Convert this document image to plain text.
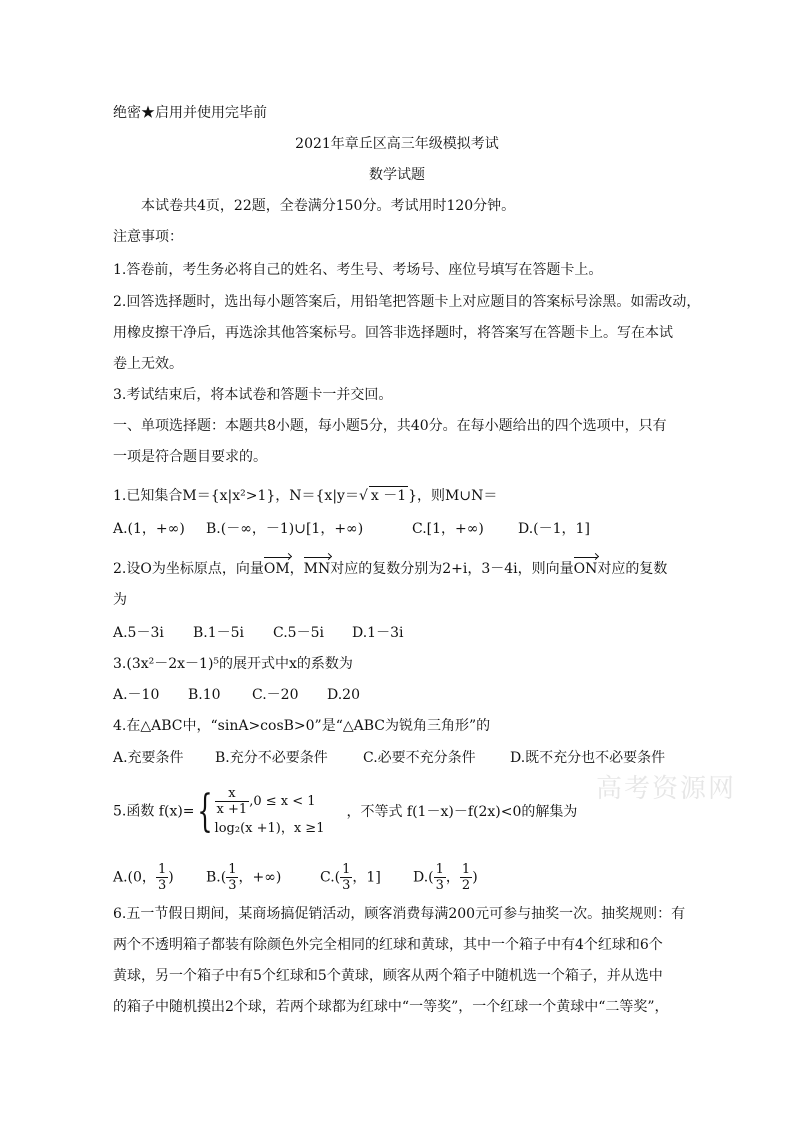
绝密★启用并使用完毕前
2021年章丘区高三年级模拟考试
数学试题
本试卷共4页，22题，全卷满分150分。考试用时120分钟。
注意事项：
1.答卷前，考生务必将自己的姓名、考生号、考场号、座位号填写在答题卡上。
2.回答选择题时，选出每小题答案后，用铅笔把答题卡上对应题目的答案标号涂黑。如需改动，
用橡皮擦干净后，再选涂其他答案标号。回答非选择题时，将答案写在答题卡上。写在本试
卷上无效。
3.考试结束后，将本试卷和答题卡一并交回。
一、单项选择题：本题共8小题，每小题5分，共40分。在每小题给出的四个选项中，只有
一项是符合题目要求的。
1.已知集合M＝{x|x²>1}，N＝{x|y＝√ x －1 }，则M∪N＝
A.(1，+∞) B.(－∞，－1)∪[1，+∞)	C.[1，+∞) D.(－1，1]
2.设O为坐标原点，向量OM，MN对应的复数分别为2+i，3－4i，则向量ON对应的复数
为
A.5－3i B.1－5i C.5－5i D.1－3i
3.(3x²－2x－1)⁵的展开式中x的系数为
A.－10 B.10 C.－20 D.20
4.在△ABC中，“sinA>cosB>0”是“△ABC为锐角三角形”的
A.充要条件 B.充分不必要条件	C.必要不充分条件 D.既不充分也不必要条件
5.函数 $f(x)=\{ \frac{x}{x +1} ,0 \le x < 1$
log₂(x +1)，x ≥1
，不等式 f(1－x)－f(2x)<0的解集为
A.(0， $\frac{1}{3}$ ) $B.( \frac{1}{3}$ ，+∞)	$C.( \frac{1}{3}$ ，1] $D.( \frac{1}{3}$ ， $\frac{1}{2}$ )
6.五一节假日期间，某商场搞促销活动，顾客消费每满200元可参与抽奖一次。抽奖规则：有
两个不透明箱子都装有除颜色外完全相同的红球和黄球，其中一个箱子中有4个红球和6个
黄球，另一个箱子中有5个红球和5个黄球，顾客从两个箱子中随机选一个箱子，并从选中
的箱子中随机摸出2个球，若两个球都为红球中“一等奖”，一个红球一个黄球中“二等奖”，
高考资源网
